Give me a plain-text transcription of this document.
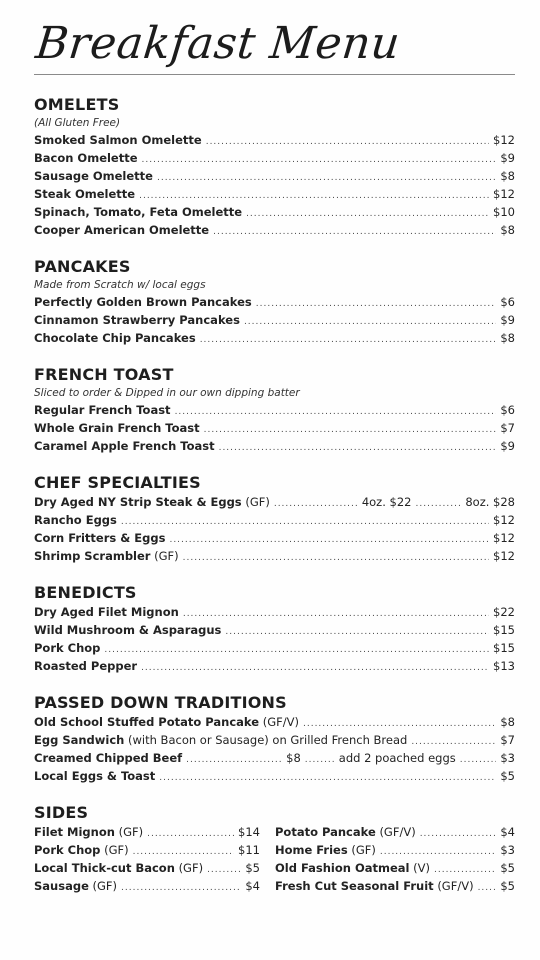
Breakfast Menu
OMELETS
(All Gluten Free)
Smoked Salmon Omelette .....	$12
Bacon Omelette .....	$9
Sausage Omelette .....	$8
Steak Omelette .....	$12
Spinach, Tomato, Feta Omelette .....	$10
Cooper American Omelette .....	$8
PANCAKES
Made from Scratch w/ local eggs
Perfectly Golden Brown Pancakes .....	$6
Cinnamon Strawberry Pancakes .....	$9
Chocolate Chip Pancakes .....	$8
FRENCH TOAST
Sliced to order & Dipped in our own dipping batter
Regular French Toast .....	$6
Whole Grain French Toast .....	$7
Caramel Apple French Toast .....	$9
CHEF SPECIALTIES
Dry Aged NY Strip Steak & Eggs
(GF) .....	4oz. $22 .....	8oz. $28
Rancho Eggs .....	$12
Corn Fritters & Eggs .....	$12
Shrimp Scrambler
(GF) .....	$12
BENEDICTS
Dry Aged Filet Mignon .....	$22
Wild Mushroom & Asparagus .....	$15
Pork Chop .....	$15
Roasted Pepper .....	$13
PASSED DOWN TRADITIONS
Old School Stuffed Potato Pancake
(GF/V) .....	$8
Egg Sandwich
(with Bacon or Sausage) on Grilled French Bread .....	$7
Creamed Chipped Beef .....	$8 .....	add 2 poached eggs .....	$3
Local Eggs & Toast .....	$5
SIDES
Filet Mignon
(GF) .....	$14
Pork Chop
(GF) .....	$11
Local Thick-cut Bacon
(GF) .....	$5
Sausage
(GF) .....	$4
Potato Pancake
(GF/V) .....	$4
Home Fries
(GF) .....	$3
Old Fashion Oatmeal
(V) .....	$5
Fresh Cut Seasonal Fruit
(GF/V) ..... $5
